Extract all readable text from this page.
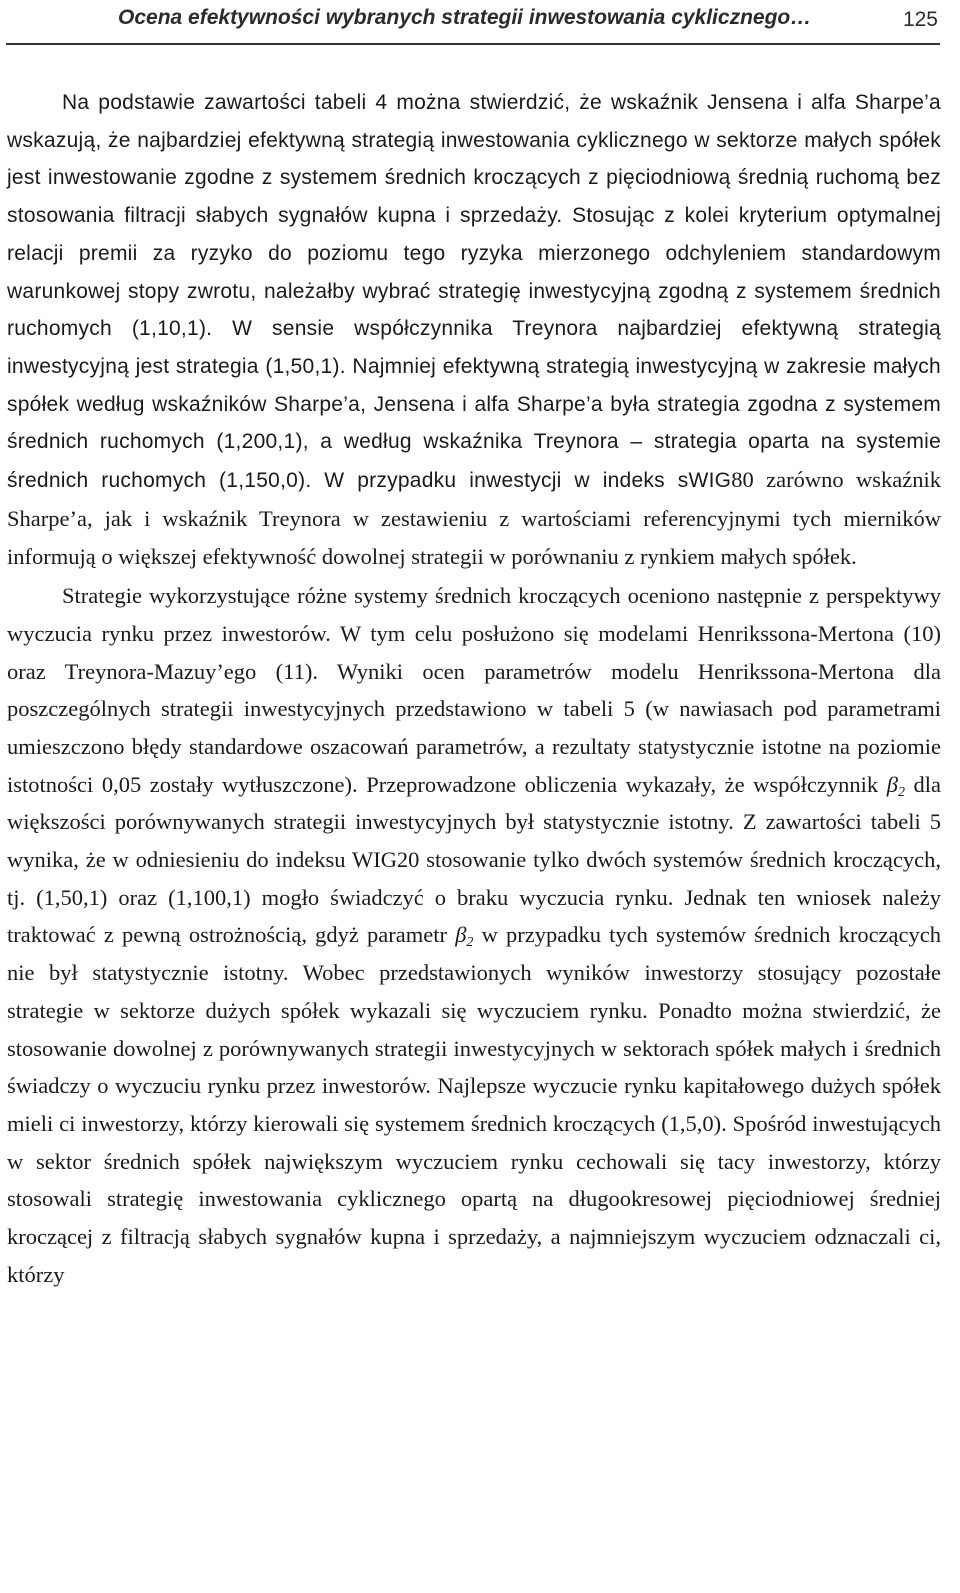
Ocena efektywności wybranych strategii inwestowania cyklicznego…	125

Na podstawie zawartości tabeli 4 można stwierdzić, że wskaźnik Jensena i alfa Sharpe’a wskazują, że najbardziej efektywną strategią inwestowania cyklicznego w sektorze małych spółek jest inwestowanie zgodne z systemem średnich kroczących z pięciodniową średnią ruchomą bez stosowania filtracji słabych sygnałów kupna i sprzedaży. Stosując z kolei kryterium optymalnej relacji premii za ryzyko do poziomu tego ryzyka mierzonego odchyleniem standardowym warunkowej stopy zwrotu, należałby wybrać strategię inwestycyjną zgodną z systemem średnich ruchomych (1,10,1). W sensie współczynnika Treynora najbardziej efektywną strategią inwestycyjną jest strategia (1,50,1). Najmniej efektywną strategią inwestycyjną w zakresie małych spółek według wskaźników Sharpe’a, Jensena i alfa Sharpe’a była strategia zgodna z systemem średnich ruchomych (1,200,1), a według wskaźnika Treynora – strategia oparta na systemie średnich ruchomych (1,150,0). W przypadku inwestycji w indeks sWIG80 zarówno wskaźnik Sharpe’a, jak i wskaźnik Treynora w zestawieniu z wartościami referencyjnymi tych mierników informują o większej efektywność dowolnej strategii w porównaniu z rynkiem małych spółek.

Strategie wykorzystujące różne systemy średnich kroczących oceniono następnie z perspektywy wyczucia rynku przez inwestorów. W tym celu posłużono się modelami Henrikssona-Mertona (10) oraz Treynora-Mazuy’ego (11). Wyniki ocen parametrów modelu Henrikssona-Mertona dla poszczególnych strategii inwestycyjnych przedstawiono w tabeli 5 (w nawiasach pod parametrami umieszczono błędy standardowe oszacowań parametrów, a rezultaty statystycznie istotne na poziomie istotności 0,05 zostały wytłuszczone). Przeprowadzone obliczenia wykazały, że współczynnik $\beta_2$ dla większości porównywanych strategii inwestycyjnych był statystycznie istotny. Z zawartości tabeli 5 wynika, że w odniesieniu do indeksu WIG20 stosowanie tylko dwóch systemów średnich kroczących, tj. (1,50,1) oraz (1,100,1) mogło świadczyć o braku wyczucia rynku. Jednak ten wniosek należy traktować z pewną ostrożnością, gdyż parametr $\beta_2$ w przypadku tych systemów średnich kroczących nie był statystycznie istotny. Wobec przedstawionych wyników inwestorzy stosujący pozostałe strategie w sektorze dużych spółek wykazali się wyczuciem rynku. Ponadto można stwierdzić, że stosowanie dowolnej z porównywanych strategii inwestycyjnych w sektorach spółek małych i średnich świadczy o wyczuciu rynku przez inwestorów. Najlepsze wyczucie rynku kapitałowego dużych spółek mieli ci inwestorzy, którzy kierowali się systemem średnich kroczących (1,5,0). Spośród inwestujących w sektor średnich spółek największym wyczuciem rynku cechowali się tacy inwestorzy, którzy stosowali strategię inwestowania cyklicznego opartą na długookresowej pięciodniowej średniej kroczącej z filtracją słabych sygnałów kupna i sprzedaży, a najmniejszym wyczuciem odznaczali ci, którzy
